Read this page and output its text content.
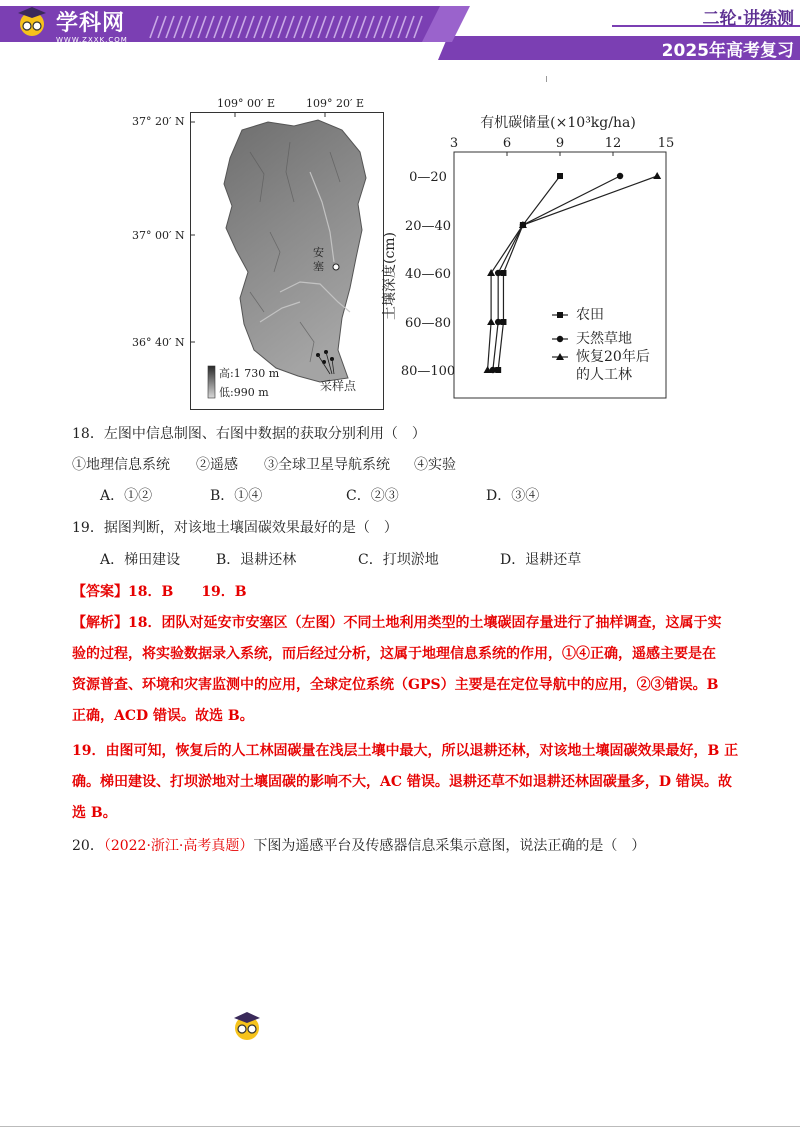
学科网
WWW.ZXXK.COM
二轮·讲练测
2025年高考复习
109° 00′ E	109° 20′ E
37° 20′ N
37° 00′ N
36° 40′ N
安
塞
高:1 730 m
低:990 m	采样点
有机碳储量(×10³kg/ha)
3	6	9	12	15
0—20
20—40
40—60
60—80
80—100
土壤深度(cm)	农田
天然草地
恢复20年后
的人工林
18．左图中信息制图、右图中数据的获取分别利用（　）
①地理信息系统 ②遥感 ③全球卫星导航系统 ④实验
A．①②	B．①④	C．②③	D．③④
19．据图判断，对该地土壤固碳效果最好的是（　）
A．梯田建设	B．退耕还林	C．打坝淤地	D．退耕还草
【答案】18．B　　19．B
【解析】18．团队对延安市安塞区（左图）不同土地利用类型的土壤碳固存量进行了抽样调查，这属于实
验的过程，将实验数据录入系统，而后经过分析，这属于地理信息系统的作用，①④正确，遥感主要是在
资源普查、环境和灾害监测中的应用，全球定位系统（GPS）主要是在定位导航中的应用，②③错误。B
正确，ACD 错误。故选 B。
19．由图可知，恢复后的人工林固碳量在浅层土壤中最大，所以退耕还林，对该地土壤固碳效果最好，B 正
确。梯田建设、打坝淤地对土壤固碳的影响不大，AC 错误。退耕还草不如退耕还林固碳量多，D 错误。故
选 B。
20．（2022·浙江·高考真题）下图为遥感平台及传感器信息采集示意图，说法正确的是（　）
